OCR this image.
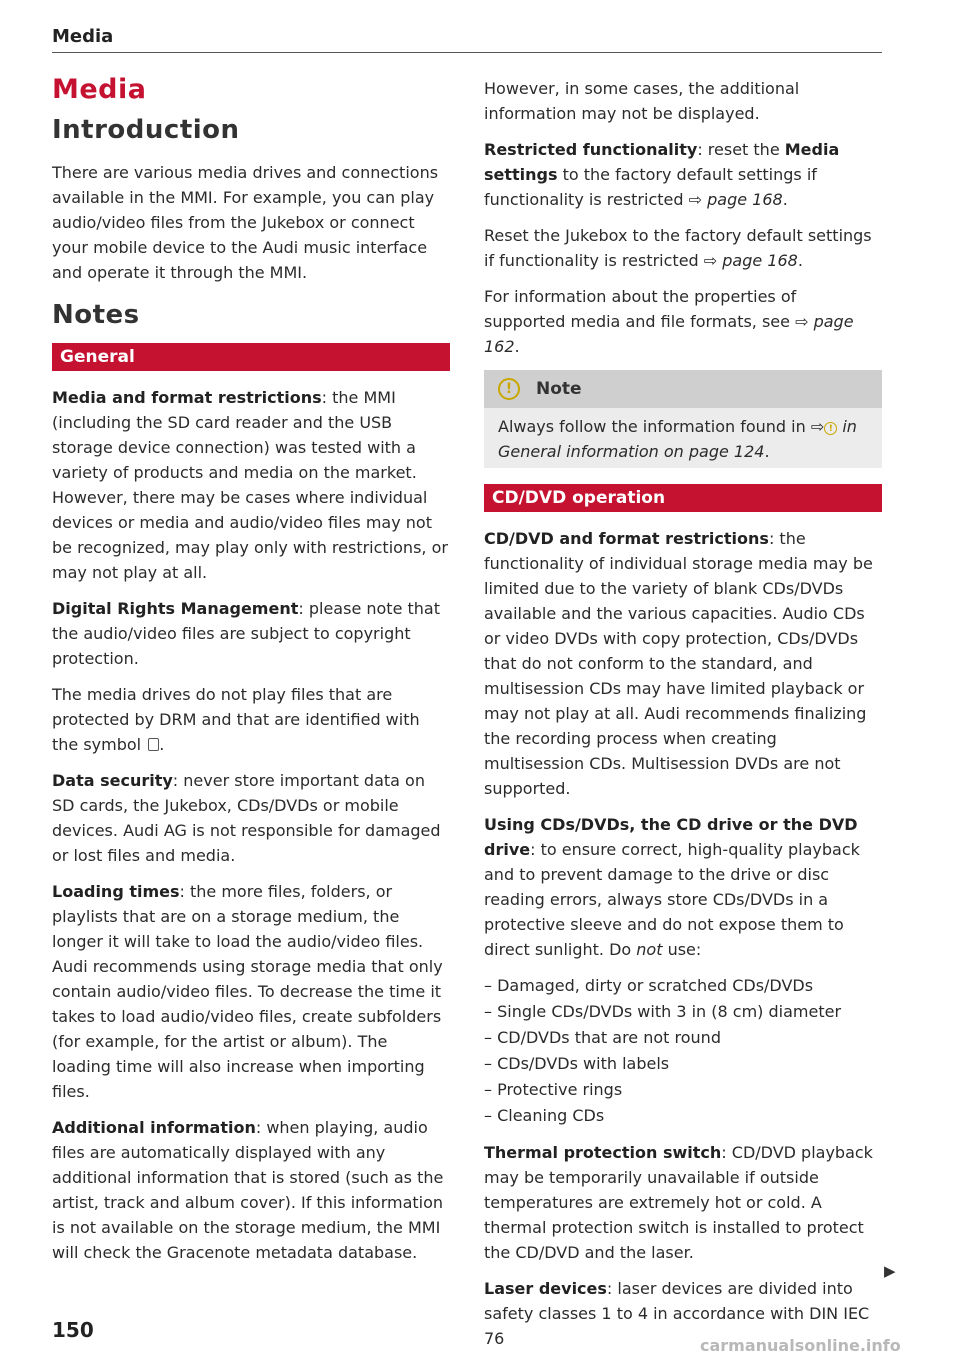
Media
Media
Introduction

There are various media drives and connections available in the MMI. For example, you can play audio/video files from the Jukebox or connect your mobile device to the Audi music interface and operate it through the MMI.

Notes
General

Media and format restrictions: the MMI (including the SD card reader and the USB storage device connection) was tested with a variety of products and media on the market. However, there may be cases where individual devices or media and audio/video files may not be recognized, may play only with restrictions, or may not play at all.

Digital Rights Management: please note that the audio/video files are subject to copyright protection.

The media drives do not play files that are protected by DRM and that are identified with the symbol .

Data security: never store important data on SD cards, the Jukebox, CDs/DVDs or mobile devices. Audi AG is not responsible for damaged or lost files and media.

Loading times: the more files, folders, or playlists that are on a storage medium, the longer it will take to load the audio/video files. Audi recommends using storage media that only contain audio/video files. To decrease the time it takes to load audio/video files, create subfolders (for example, for the artist or album). The loading time will also increase when importing files.

Additional information: when playing, audio files are automatically displayed with any additional information that is stored (such as the artist, track and album cover). If this information is not available on the storage medium, the MMI will check the Gracenote metadata database.

However, in some cases, the additional information may not be displayed.

Restricted functionality: reset the Media settings to the factory default settings if functionality is restricted ⇨ page 168.

Reset the Jukebox to the factory default settings if functionality is restricted ⇨ page 168.

For information about the properties of supported media and file formats, see ⇨ page 162.

!	Note

Always follow the information found in ⇨ ! in General information on page 124.

CD/DVD operation

CD/DVD and format restrictions: the functionality of individual storage media may be limited due to the variety of blank CDs/DVDs available and the various capacities. Audio CDs or video DVDs with copy protection, CDs/DVDs that do not conform to the standard, and multisession CDs may have limited playback or may not play at all. Audi recommends finalizing the recording process when creating multisession CDs. Multisession DVDs are not supported.

Using CDs/DVDs, the CD drive or the DVD drive: to ensure correct, high-quality playback and to prevent damage to the drive or disc reading errors, always store CDs/DVDs in a protective sleeve and do not expose them to direct sunlight. Do not use:

– Damaged, dirty or scratched CDs/DVDs
– Single CDs/DVDs with 3 in (8 cm) diameter
– CD/DVDs that are not round
– CDs/DVDs with labels
– Protective rings
– Cleaning CDs

Thermal protection switch: CD/DVD playback may be temporarily unavailable if outside temperatures are extremely hot or cold. A thermal protection switch is installed to protect the CD/DVD and the laser.

Laser devices: laser devices are divided into safety classes 1 to 4 in accordance with DIN IEC 76

▶
150
carmanualsonline.info
